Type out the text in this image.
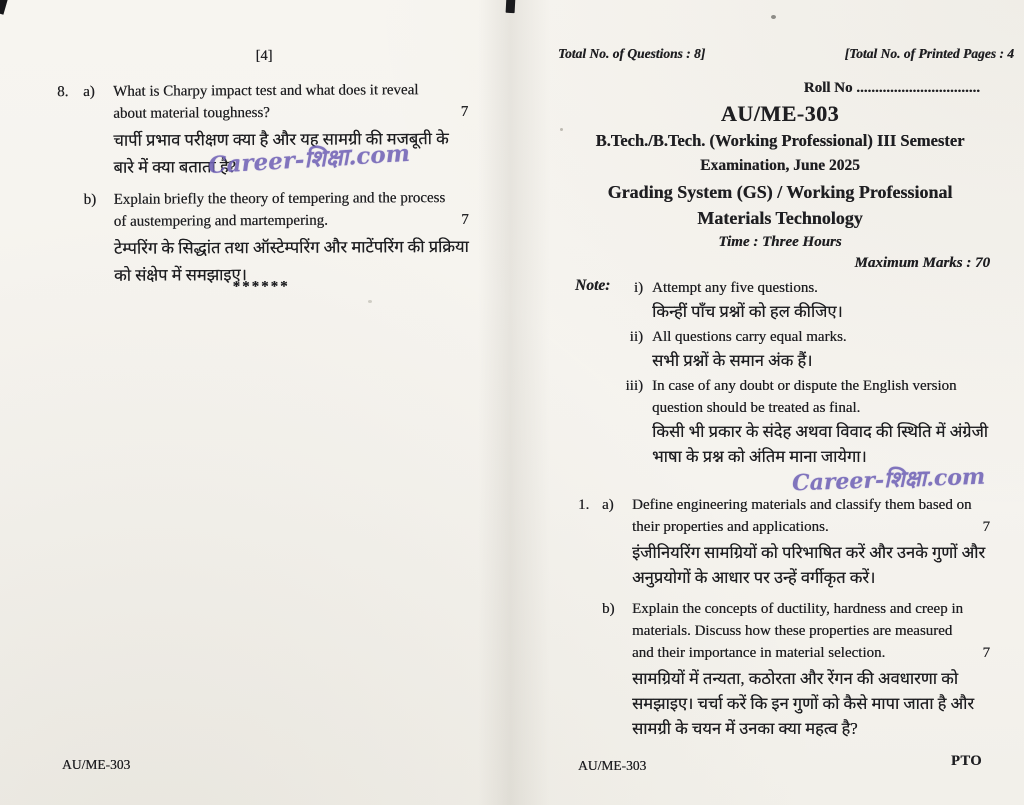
[4]
8. a)	What is Charpy impact test and what does it reveal about material toughness?	7
चार्पी प्रभाव परीक्षण क्या है और यह सामग्री की मजबूती के बारे में क्या बताता है?
b)	Explain briefly the theory of tempering and the process of austempering and martempering.	7
टेम्परिंग के सिद्धांत तथा ऑस्टेम्परिंग और माटेंपरिंग की प्रक्रिया को संक्षेप में समझाइए।
Career-शिक्षा.com
******
AU/ME-303
Total No. of Questions : 8]	[Total No. of Printed Pages : 4
Roll No .................................
AU/ME-303
B.Tech./B.Tech. (Working Professional) III Semester
Examination, June 2025
Grading System (GS) / Working Professional
Materials Technology
Time : Three Hours
Maximum Marks : 70
Note:	i) Attempt any five questions.
किन्हीं पाँच प्रश्नों को हल कीजिए।
ii) All questions carry equal marks.
सभी प्रश्नों के समान अंक हैं।
iii) In case of any doubt or dispute the English version question should be treated as final.
किसी भी प्रकार के संदेह अथवा विवाद की स्थिति में अंग्रेजी भाषा के प्रश्न को अंतिम माना जायेगा।
Career-शिक्षा.com
1. a)	Define engineering materials and classify them based on their properties and applications.	7
इंजीनियरिंग सामग्रियों को परिभाषित करें और उनके गुणों और अनुप्रयोगों के आधार पर उन्हें वर्गीकृत करें।
b)	Explain the concepts of ductility, hardness and creep in materials. Discuss how these properties are measured and their importance in material selection.	7
सामग्रियों में तन्यता, कठोरता और रेंगन की अवधारणा को समझाइए। चर्चा करें कि इन गुणों को कैसे मापा जाता है और सामग्री के चयन में उनका क्या महत्व है?
AU/ME-303	PTO
